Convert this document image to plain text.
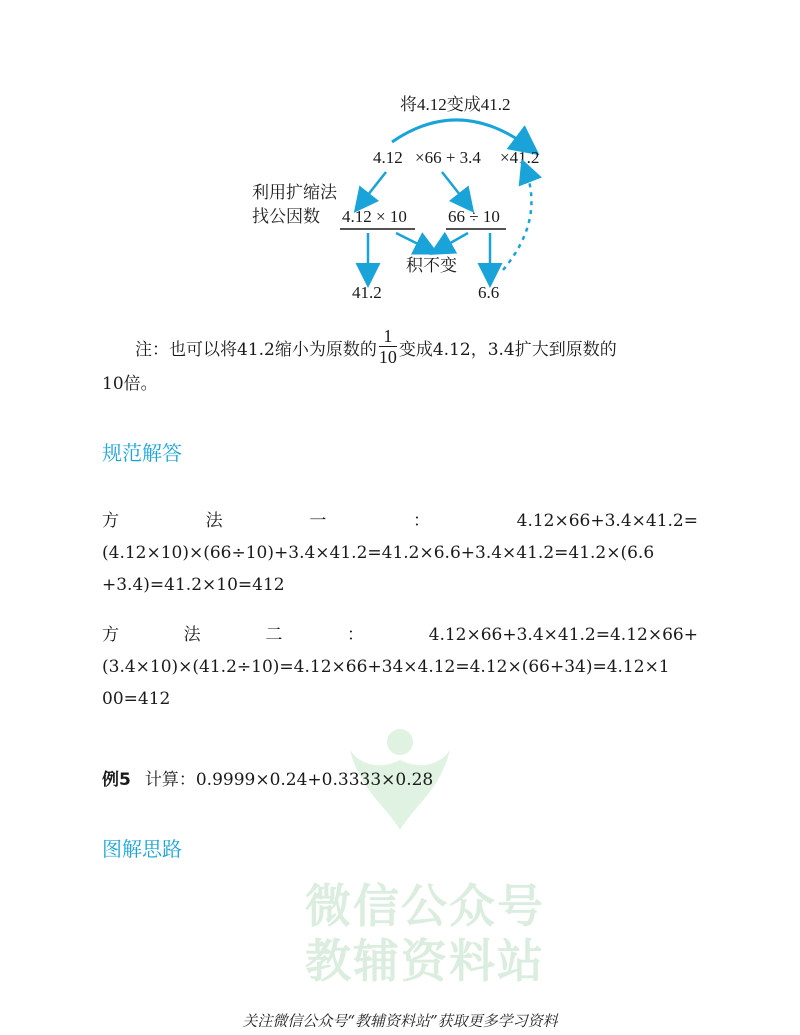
微信公众号
教辅资料站
将4.12变成41.2
4.12 ×66 + 3.4 ×41.2
利用扩缩法
找公因数 4.12 × 10 66 ÷ 10
积不变
41.2	6.6
注：也可以将41.2缩小为原数的 $\frac{1}{10}$ 变成4.12，3.4扩大到原数的
10倍。
规范解答
方	法	一	：	4.12×66+3.4×41.2=
(4.12×10)×(66÷10)+3.4×41.2=41.2×6.6+3.4×41.2=41.2×(6.6
+3.4)=41.2×10=412
方	法	二	：	4.12×66+3.4×41.2=4.12×66+
(3.4×10)×(41.2÷10)=4.12×66+34×4.12=4.12×(66+34)=4.12×1
00=412
例5 计算：0.9999×0.24+0.3333×0.28
图解思路
关注微信公众号“教辅资料站”获取更多学习资料
